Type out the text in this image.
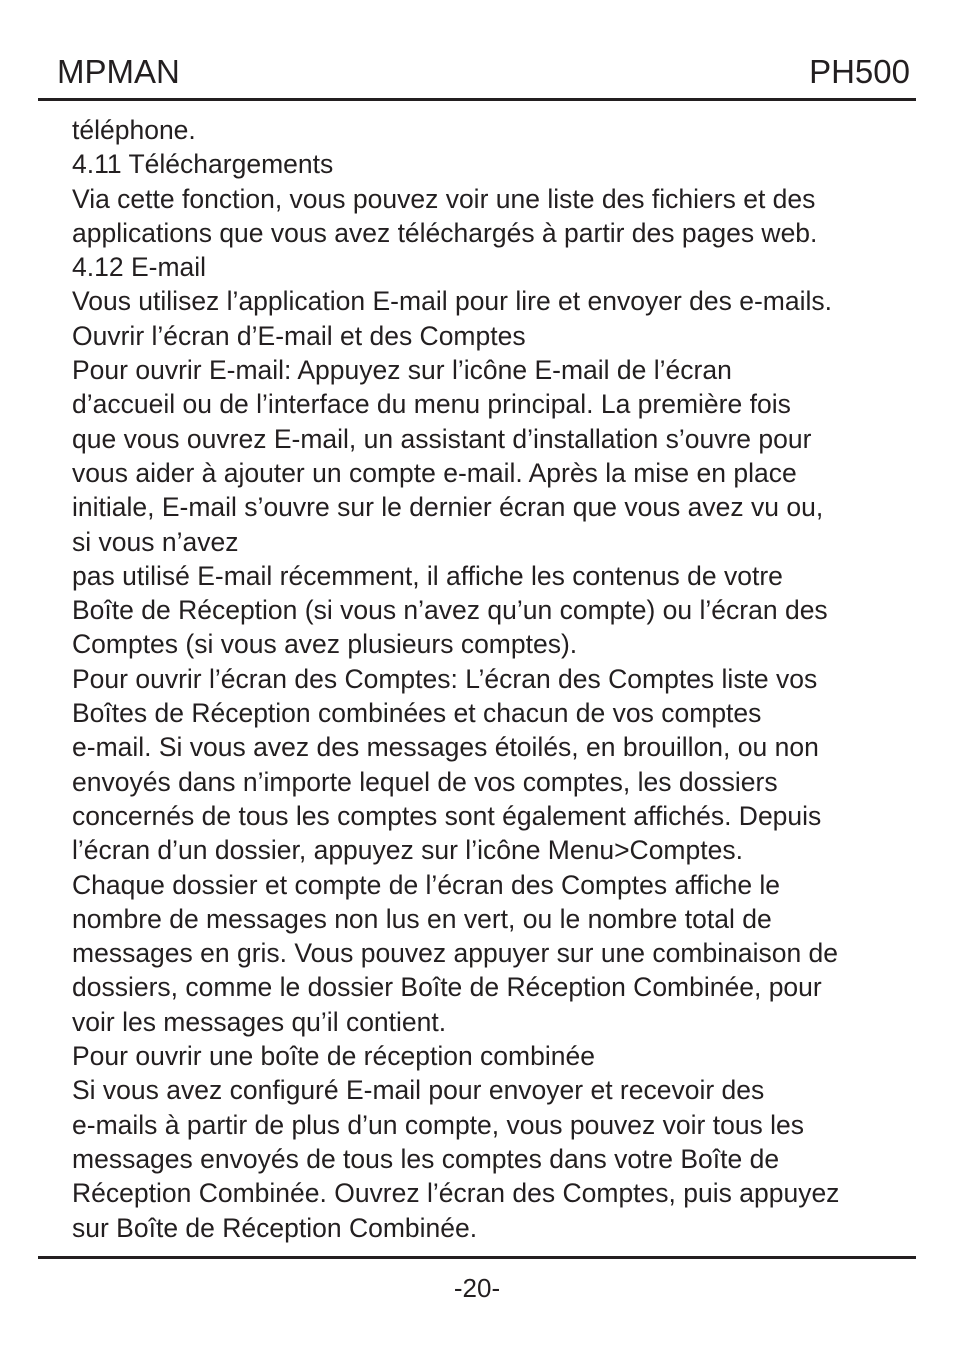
MPMAN	PH500
téléphone.
4.11 Téléchargements
Via cette fonction, vous pouvez voir une liste des fichiers et des
applications que vous avez téléchargés à partir des pages web.
4.12 E-mail
Vous utilisez l’application E-mail pour lire et envoyer des e-mails.
Ouvrir l’écran d’E-mail et des Comptes
Pour ouvrir E-mail: Appuyez sur l’icône E-mail de l’écran
d’accueil ou de l’interface du menu principal. La première fois
que vous ouvrez E-mail, un assistant d’installation s’ouvre pour
vous aider à ajouter un compte e-mail. Après la mise en place
initiale, E-mail s’ouvre sur le dernier écran que vous avez vu ou,
si vous n’avez
pas utilisé E-mail récemment, il affiche les contenus de votre
Boîte de Réception (si vous n’avez qu’un compte) ou l’écran des
Comptes (si vous avez plusieurs comptes).
Pour ouvrir l’écran des Comptes: L’écran des Comptes liste vos
Boîtes de Réception combinées et chacun de vos comptes
e-mail. Si vous avez des messages étoilés, en brouillon, ou non
envoyés dans n’importe lequel de vos comptes, les dossiers
concernés de tous les comptes sont également affichés. Depuis
l’écran d’un dossier, appuyez sur l’icône Menu>Comptes.
Chaque dossier et compte de l’écran des Comptes affiche le
nombre de messages non lus en vert, ou le nombre total de
messages en gris. Vous pouvez appuyer sur une combinaison de
dossiers, comme le dossier Boîte de Réception Combinée, pour
voir les messages qu’il contient.
Pour ouvrir une boîte de réception combinée
Si vous avez configuré E-mail pour envoyer et recevoir des
e-mails à partir de plus d’un compte, vous pouvez voir tous les
messages envoyés de tous les comptes dans votre Boîte de
Réception Combinée. Ouvrez l’écran des Comptes, puis appuyez
sur Boîte de Réception Combinée.
-20-
